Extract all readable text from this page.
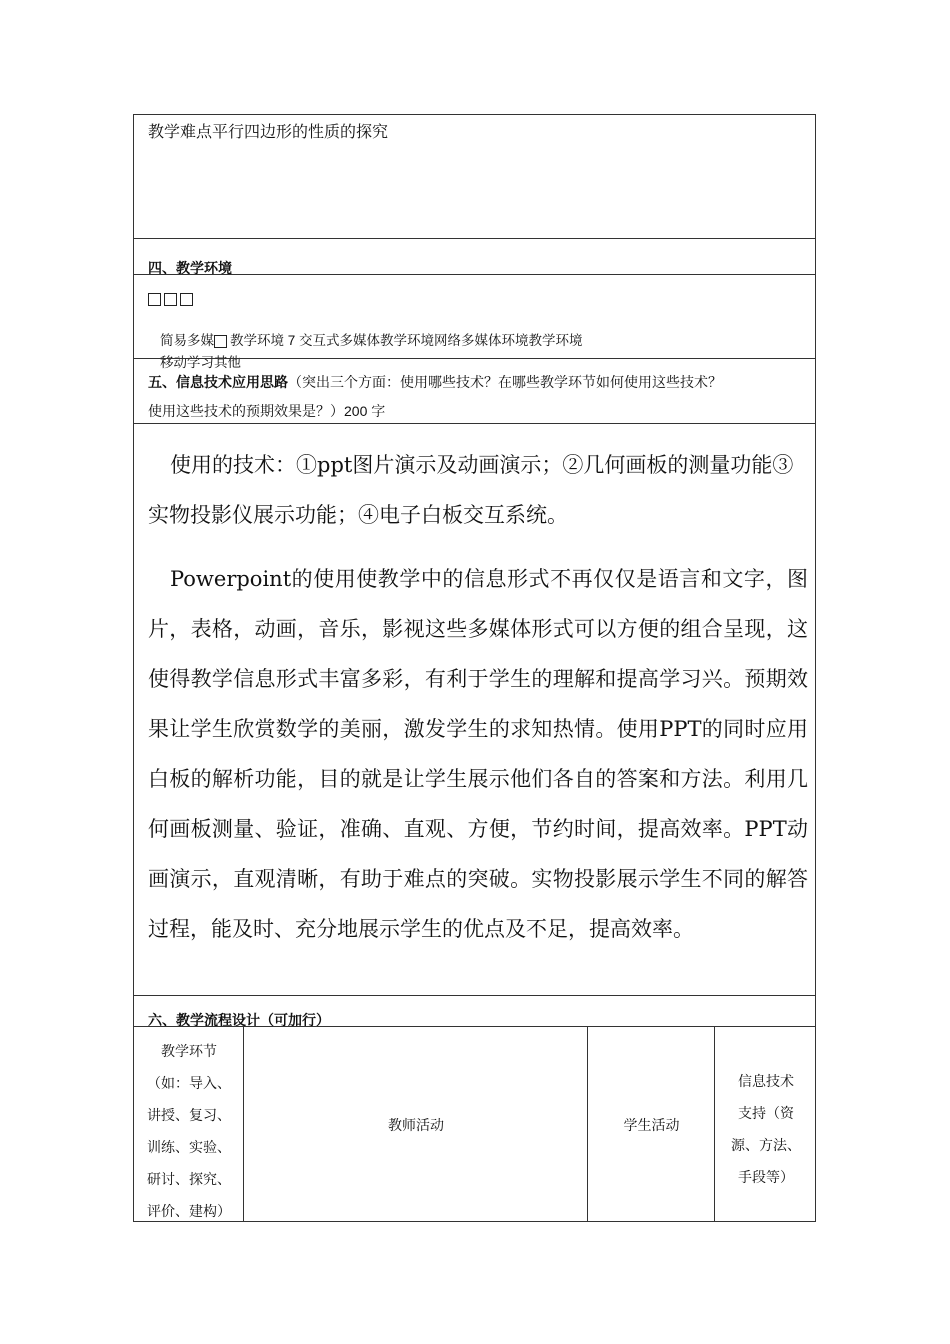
教学难点平行四边形的性质的探究
四、教学环境
简易多媒 教学环境 7 交互式多媒体教学环境网络多媒体环境教学环境
移动学习其他
五、信息技术应用思路（突出三个方面：使用哪些技术？在哪些教学环节如何使用这些技术？
使用这些技术的预期效果是？）200 字
使用的技术：①ppt图片演示及动画演示；②几何画板的测量功能③实物投影仪展示功能；④电子白板交互系统。
Powerpoint的使用使教学中的信息形式不再仅仅是语言和文字，图片，表格，动画，音乐，影视这些多媒体形式可以方便的组合呈现，这使得教学信息形式丰富多彩，有利于学生的理解和提高学习兴。预期效果让学生欣赏数学的美丽，激发学生的求知热情。使用PPT的同时应用白板的解析功能，目的就是让学生展示他们各自的答案和方法。利用几何画板测量、验证，准确、直观、方便，节约时间，提高效率。PPT动画演示，直观清晰，有助于难点的突破。实物投影展示学生不同的解答过程，能及时、充分地展示学生的优点及不足，提高效率。
六、教学流程设计（可加行）
教学环节
（如：导入、
讲授、复习、
训练、实验、
研讨、探究、
评价、建构）
教师活动	学生活动
信息技术
支持（资
源、方法、
手段等）
